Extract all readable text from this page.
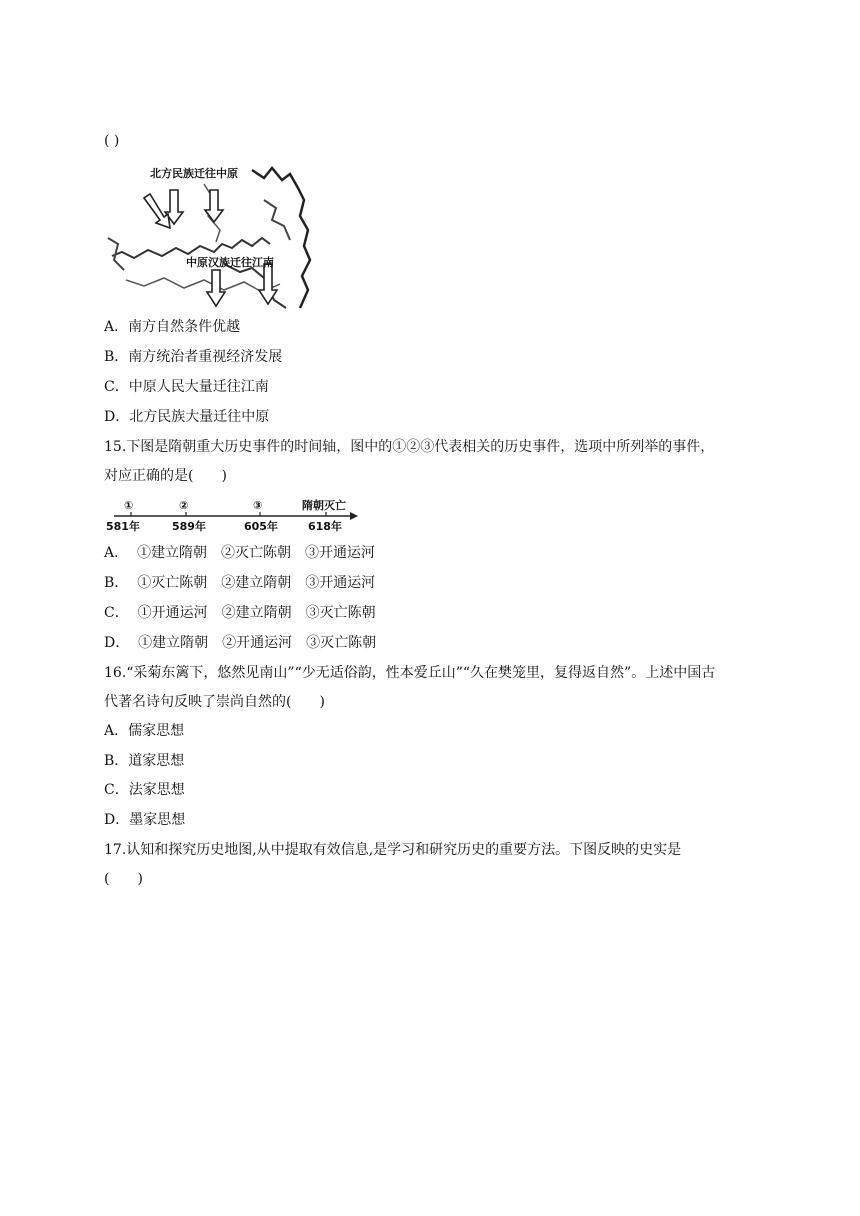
( )
北方民族迁往中原
中原汉族迁往江南
A．南方自然条件优越
B．南方统治者重视经济发展
C．中原人民大量迁往江南
D．北方民族大量迁往中原
15.下图是隋朝重大历史事件的时间轴，图中的①②③代表相关的历史事件，选项中所列举的事件，
对应正确的是(　　)
①	②	③	隋朝灭亡
581年	589年	605年	618年
A．  ①建立隋朝　②灭亡陈朝　③开通运河
B．  ①灭亡陈朝　②建立隋朝　③开通运河
C．  ①开通运河　②建立隋朝　③灭亡陈朝
D．  ①建立隋朝　②开通运河　③灭亡陈朝
16.“采菊东篱下，悠然见南山”“少无适俗韵，性本爱丘山”“久在樊笼里，复得返自然”。上述中国古
代著名诗句反映了崇尚自然的(　　)
A．儒家思想
B．道家思想
C．法家思想
D．墨家思想
17.认知和探究历史地图,从中提取有效信息,是学习和研究历史的重要方法。下图反映的史实是
(　　)
